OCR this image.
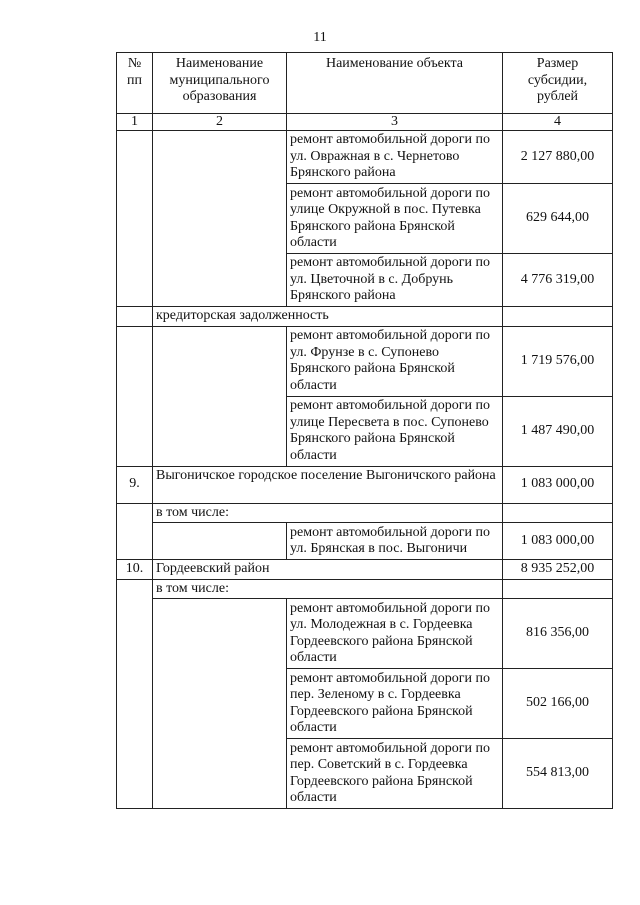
11
№ пп	Наименование муниципального образования	Наименование объекта	Размер субсидии, рублей
1	2	3	4
		ремонт автомобильной дороги по ул. Овражная в с. Чернетово Брянского района	2 127 880,00
		ремонт автомобильной дороги по улице Окружной в пос. Путевка Брянского района Брянской области	629 644,00
		ремонт автомобильной дороги по ул. Цветочной в с. Добрунь Брянского района	4 776 319,00
	кредиторская задолженность		
		ремонт автомобильной дороги по ул. Фрунзе в с. Супонево Брянского района Брянской области	1 719 576,00
		ремонт автомобильной дороги по улице Пересвета в пос. Супонево Брянского района Брянской области	1 487 490,00
9.	Выгоничское городское поселение Выгоничского района		1 083 000,00
	в том числе:		
		ремонт автомобильной дороги по ул. Брянская в пос. Выгоничи	1 083 000,00
10.	Гордеевский район		8 935 252,00
	в том числе:		
		ремонт автомобильной дороги по ул. Молодежная в с. Гордеевка Гордеевского района Брянской области	816 356,00
		ремонт автомобильной дороги по пер. Зеленому в с. Гордеевка Гордеевского района Брянской области	502 166,00
		ремонт автомобильной дороги по пер. Советский в с. Гордеевка Гордеевского района Брянской области	554 813,00
